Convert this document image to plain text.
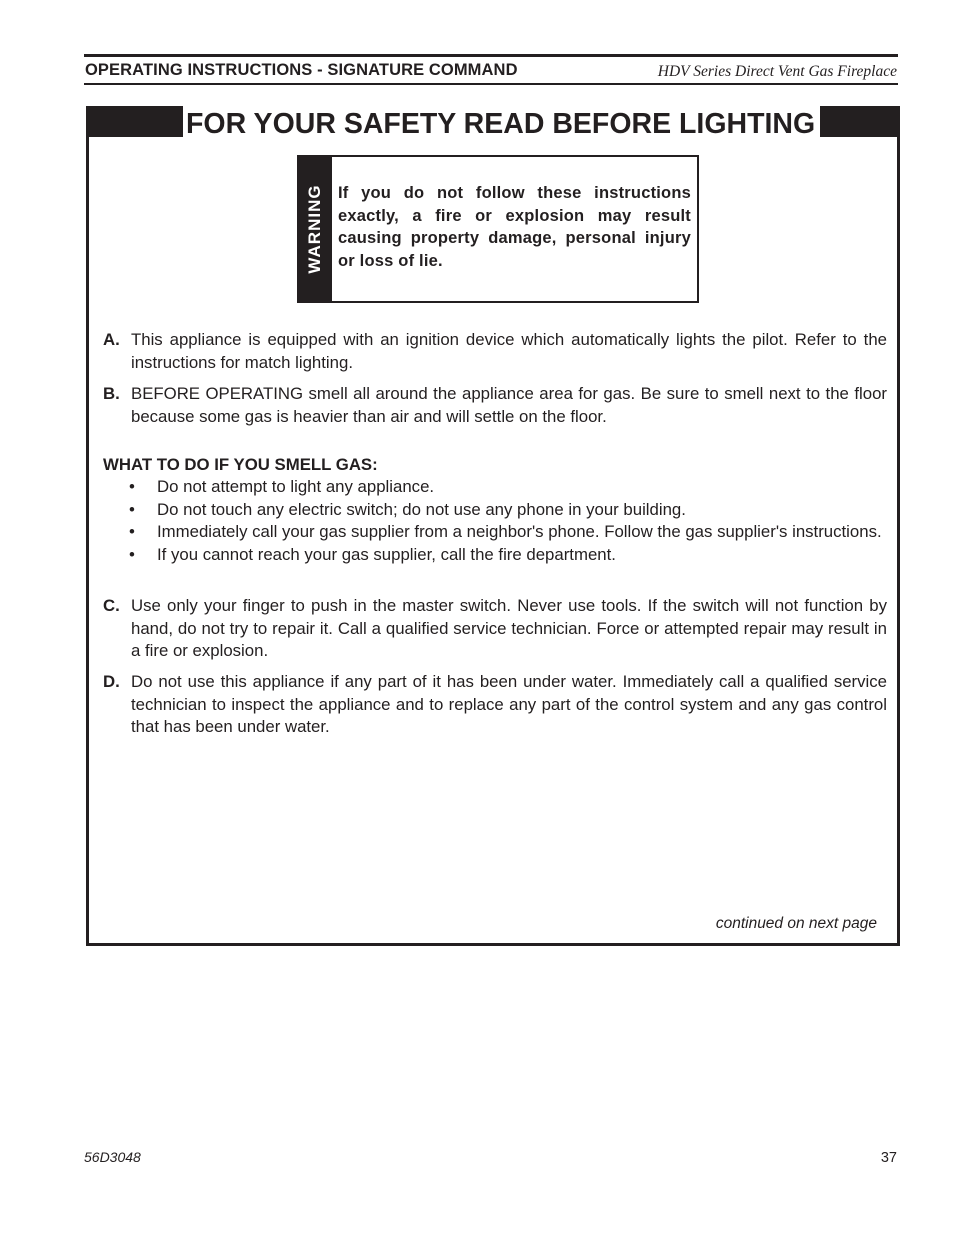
OPERATING INSTRUCTIONS - SIGNATURE COMMAND	HDV Series Direct Vent Gas Fireplace
FOR YOUR SAFETY READ BEFORE LIGHTING
WARNING If you do not follow these instructions exactly, a fire or explosion may result causing property damage, personal injury or loss of lie.
A. This appliance is equipped with an ignition device which automatically lights the pilot. Refer to the instructions for match lighting.
B. BEFORE OPERATING smell all around the appliance area for gas. Be sure to smell next to the floor because some gas is heavier than air and will settle on the floor.
WHAT TO DO IF YOU SMELL GAS:
• Do not attempt to light any appliance.
• Do not touch any electric switch; do not use any phone in your building.
• Immediately call your gas supplier from a neighbor's phone. Follow the gas supplier's instructions.
• If you cannot reach your gas supplier, call the fire department.
C. Use only your finger to push in the master switch. Never use tools. If the switch will not function by hand, do not try to repair it. Call a qualified service technician. Force or attempted repair may result in a fire or explosion.
D. Do not use this appliance if any part of it has been under water. Immediately call a qualified service technician to inspect the appliance and to replace any part of the control system and any gas control that has been under water.
continued on next page
56D3048	37
